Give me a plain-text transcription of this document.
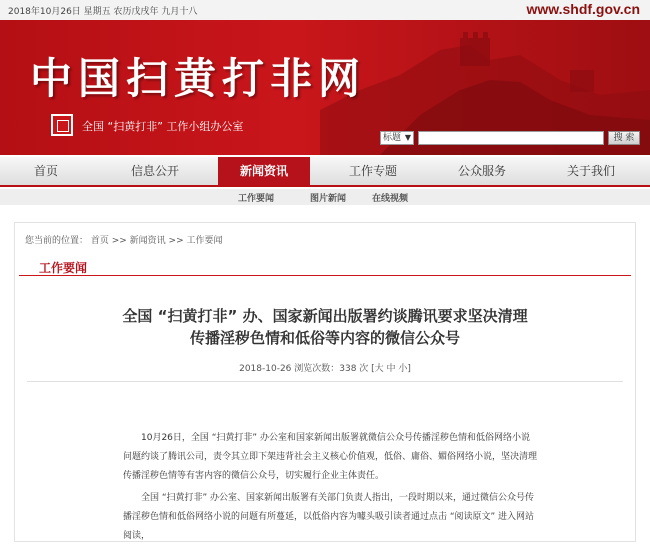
2018年10月26日 星期五 农历戊戌年 九月十八	www.shdf.gov.cn
中国扫黄打非网
全国 “扫黄打非” 工作小组办公室
标题 ▼	搜 索
首页	信息公开	新闻资讯	工作专题	公众服务	关于我们
工作要闻	图片新闻	在线视频
您当前的位置： 首页 >> 新闻资讯 >> 工作要闻
工作要闻
全国 “扫黄打非” 办、国家新闻出版署约谈腾讯要求坚决清理
传播淫秽色情和低俗等内容的微信公众号
2018-10-26 浏览次数：338 次 [大 中 小]

10月26日，全国 “扫黄打非” 办公室和国家新闻出版署就微信公众号传播淫秽色情和低俗网络小说问题约谈了腾讯公司，责令其立即下架违背社会主义核心价值观，低俗、庸俗、媚俗网络小说，坚决清理传播淫秽色情等有害内容的微信公众号，切实履行企业主体责任。

全国 “扫黄打非” 办公室、国家新闻出版署有关部门负责人指出，一段时期以来，通过微信公众号传播淫秽色情和低俗网络小说的问题有所蔓延，以低俗内容为噱头吸引读者通过点击 “阅读原文” 进入网站阅读，
